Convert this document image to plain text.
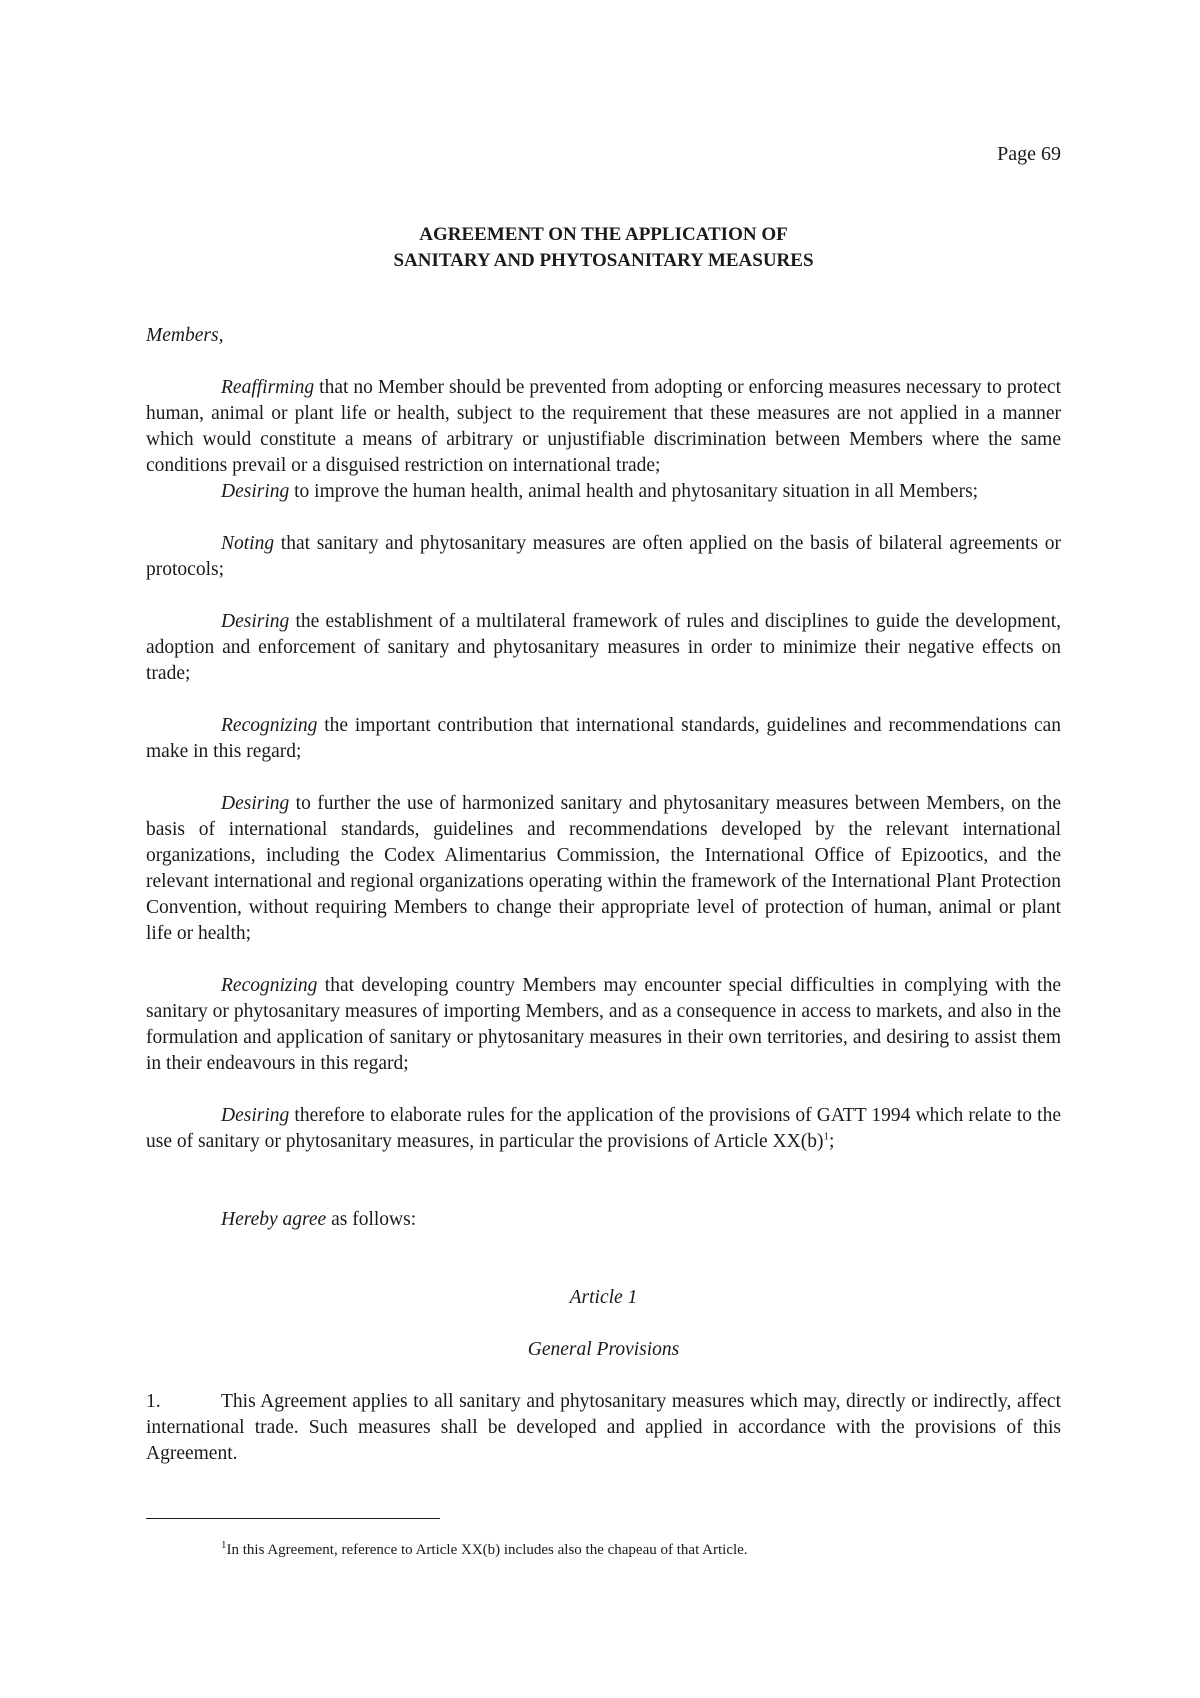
Page 69
AGREEMENT ON THE APPLICATION OF
SANITARY AND PHYTOSANITARY MEASURES

Members,

Reaffirming that no Member should be prevented from adopting or enforcing measures necessary to protect human, animal or plant life or health, subject to the requirement that these measures are not applied in a manner which would constitute a means of arbitrary or unjustifiable discrimination between Members where the same conditions prevail or a disguised restriction on international trade;

Desiring to improve the human health, animal health and phytosanitary situation in all Members;

Noting that sanitary and phytosanitary measures are often applied on the basis of bilateral agreements or protocols;

Desiring the establishment of a multilateral framework of rules and disciplines to guide the development, adoption and enforcement of sanitary and phytosanitary measures in order to minimize their negative effects on trade;

Recognizing the important contribution that international standards, guidelines and recommendations can make in this regard;

Desiring to further the use of harmonized sanitary and phytosanitary measures between Members, on the basis of international standards, guidelines and recommendations developed by the relevant international organizations, including the Codex Alimentarius Commission, the International Office of Epizootics, and the relevant international and regional organizations operating within the framework of the International Plant Protection Convention, without requiring Members to change their appropriate level of protection of human, animal or plant life or health;

Recognizing that developing country Members may encounter special difficulties in complying with the sanitary or phytosanitary measures of importing Members, and as a consequence in access to markets, and also in the formulation and application of sanitary or phytosanitary measures in their own territories, and desiring to assist them in their endeavours in this regard;

Desiring therefore to elaborate rules for the application of the provisions of GATT 1994 which relate to the use of sanitary or phytosanitary measures, in particular the provisions of Article $XX(b)^1$;

Hereby agree as follows:

Article 1

General Provisions

1.	This Agreement applies to all sanitary and phytosanitary measures which may, directly or indirectly, affect international trade. Such measures shall be developed and applied in accordance with the provisions of this Agreement.

$^1$In this Agreement, reference to Article XX(b) includes also the chapeau of that Article.
